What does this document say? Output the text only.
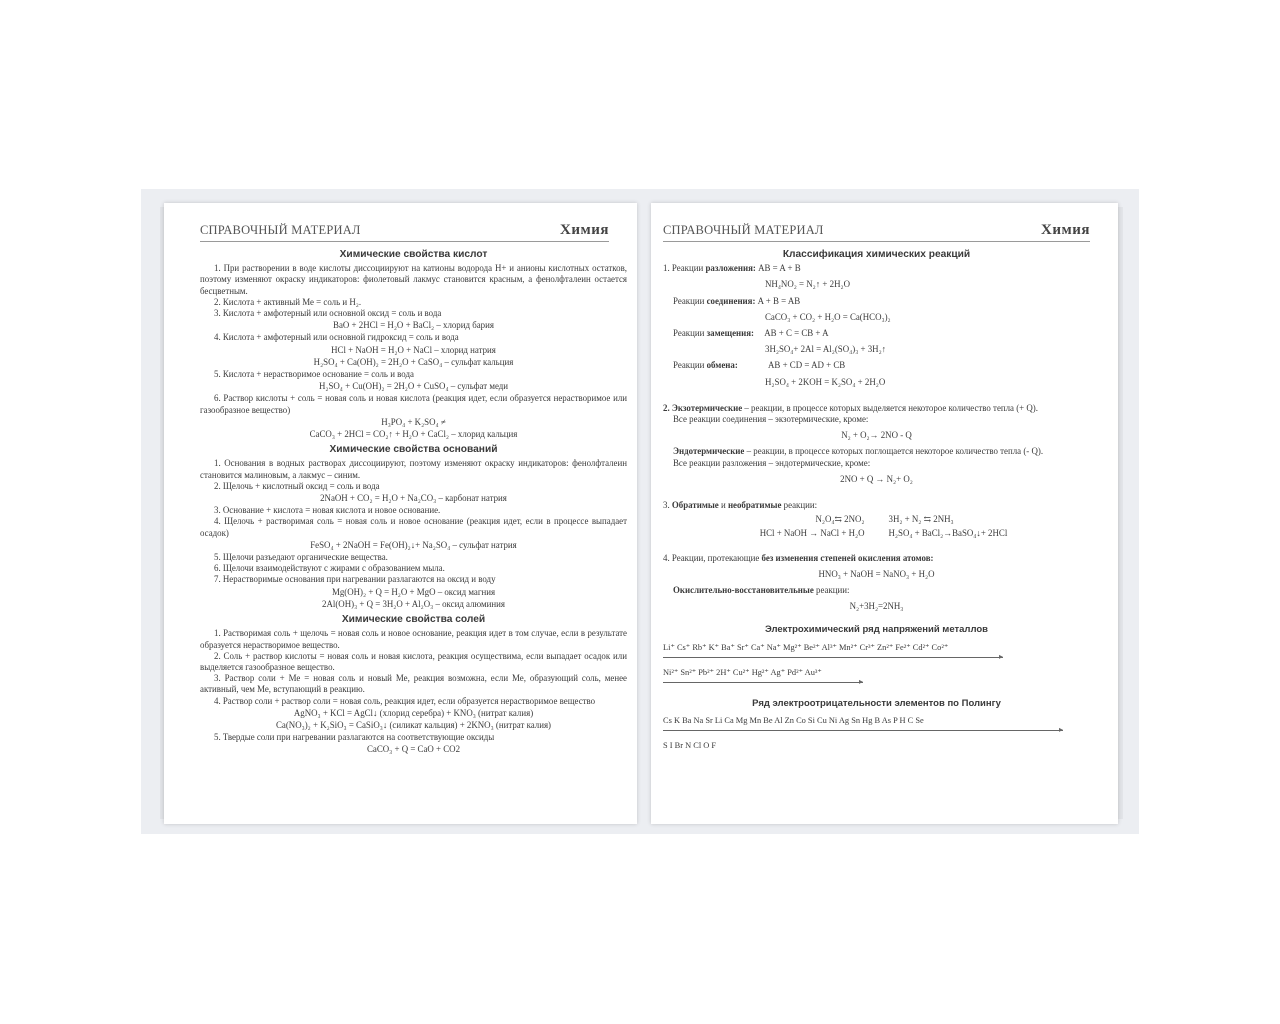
СПРАВОЧНЫЙ МАТЕРИАЛ	Химия
Химические свойства кислот
1. При растворении в воде кислоты диссоциируют на катионы водорода Н+ и анионы кислотных остатков, поэтому изменяют окраску индикаторов: фиолетовый лакмус становится красным, а фенолфталеин остается бесцветным.
2. Кислота + активный Ме = соль и Н₂.
3. Кислота + амфотерный или основной оксид = соль и вода
BaO + 2HCl = H₂O + BaCl₂ – хлорид бария
4. Кислота + амфотерный или основной гидроксид = соль и вода
HCl + NaOH = H₂O + NaCl – хлорид натрия
H₂SO₄ + Ca(OH)₂ = 2H₂O + CaSO₄ – сульфат кальция
5. Кислота + нерастворимое основание = соль и вода
H₂SO₄ + Cu(OH)₂ = 2H₂O + CuSO₄ – сульфат меди
6. Раствор кислоты + соль = новая соль и новая кислота (реакция идет, если образуется нерастворимое или газообразное вещество)
H₃PO₄ + K₂SO₄ ≠
CaCO₃ + 2HCl = CO₂↑ + H₂O + CaCl₂ – хлорид кальция
Химические свойства оснований
1. Основания в водных растворах диссоциируют, поэтому изменяют окраску индикаторов: фенолфталеин становится малиновым, а лакмус – синим.
2. Щелочь + кислотный оксид = соль и вода
2NaOH + CO₂ = H₂O + Na₂CO₃ – карбонат натрия
3. Основание + кислота = новая кислота и новое основание.
4. Щелочь + растворимая соль = новая соль и новое основание (реакция идет, если в процессе выпадает осадок)
FeSO₄ + 2NaOH = Fe(OH)₂↓+ Na₂SO₄ – сульфат натрия
5. Щелочи разъедают органические вещества.
6. Щелочи взаимодействуют с жирами с образованием мыла.
7. Нерастворимые основания при нагревании разлагаются на оксид и воду
Mg(OH)₂ + Q = H₂O + MgO – оксид магния
2Al(OH)₃ + Q = 3H₂O + Al₂O₃ – оксид алюминия
Химические свойства солей
1. Растворимая соль + щелочь = новая соль и новое основание, реакция идет в том случае, если в результате образуется нерастворимое вещество.
2. Соль + раствор кислоты = новая соль и новая кислота, реакция осуществима, если выпадает осадок или выделяется газообразное вещество.
3. Раствор соли + Ме = новая соль и новый Ме, реакция возможна, если Ме, образующий соль, менее активный, чем Ме, вступающий в реакцию.
4. Раствор соли + раствор соли = новая соль, реакция идет, если образуется нерастворимое вещество
AgNO₃ + KCl = AgCl↓ (хлорид серебра) + KNO₃ (нитрат калия)
Ca(NO₃)₂ + K₂SiO₃ = CaSiO₃↓ (силикат кальция) + 2KNO₃ (нитрат калия)
5. Твердые соли при нагревании разлагаются на соответствующие оксиды
CaCO₃ + Q = CaO + CO2
СПРАВОЧНЫЙ МАТЕРИАЛ	Химия
Классификация химических реакций
1. Реакции разложения: AB = A + B
NH₄NO₂ = N₂↑ + 2H₂O
Реакции соединения: A + B = AB
CaCO₃ + CO₂ + H₂O = Ca(HCO₃)₂
Реакции замещения: AB + C = CB + A
3H₂SO₄+ 2Al = Al₂(SO₄)₃ + 3H₂↑
Реакции обмена:	AB + CD = AD + CB
H₂SO₄ + 2KOH = K₂SO₄ + 2H₂O
2. Экзотермические – реакции, в процессе которых выделяется некоторое количество тепла (+ Q).
Все реакции соединения – экзотермические, кроме:
N₂ + O₂→ 2NO - Q
Эндотермические – реакции, в процессе которых поглощается некоторое количество тепла (- Q).
Все реакции разложения – эндотермические, кроме:
2NO + Q → N₂+ O₂
3. Обратимые и необратимые реакции:
N₂O₄⇆ 2NO₂	3H₂ + N₂ ⇆ 2NH₃
HCl + NaOH → NaCl + H₂O	H₂SO₄ + BaCl₂→BaSO₄↓+ 2HCl
4. Реакции, протекающие без изменения степеней окисления атомов:
HNO₃ + NaOH = NaNO₃ + H₂O
Окислительно-восстановительные реакции:
N₂+3H₂=2NH₃
Электрохимический ряд напряжений металлов
Li⁺ Cs⁺ Rb⁺ K⁺ Ba⁺ Sr⁺ Ca⁺ Na⁺ Mg²⁺ Be²⁺ Al³⁺ Mn²⁺ Cr³⁺ Zn²⁺ Fe²⁺ Cd²⁺ Co²⁺
▸
Ni²⁺ Sn²⁺ Pb²⁺ 2H⁺ Cu²⁺ Hg²⁺ Ag⁺ Pd²⁺ Au³⁺
▸
Ряд электроотрицательности элементов по Полингу
Cs K Ba Na Sr Li Ca Mg Mn Be Al Zn Co Si Cu Ni Ag Sn Hg B As P H C Se
▸
S I Br N Cl O F
